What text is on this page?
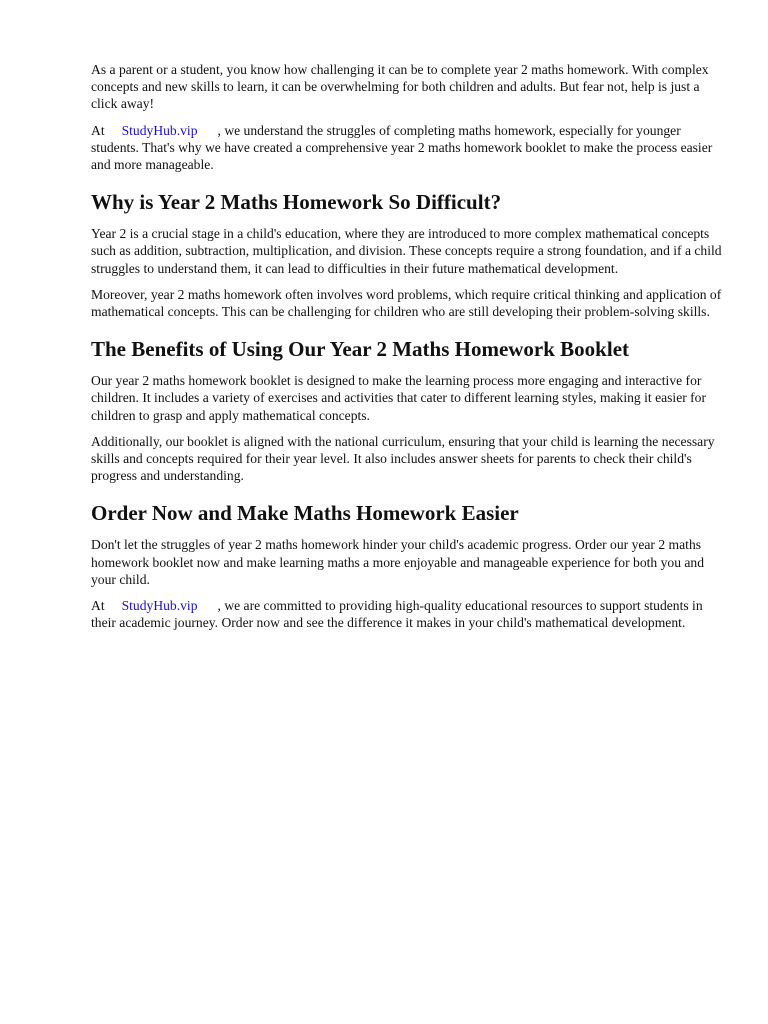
As a parent or a student, you know how challenging it can be to complete year 2 maths homework. With complex concepts and new skills to learn, it can be overwhelming for both children and adults. But fear not, help is just a click away!

At StudyHub.vip , we understand the struggles of completing maths homework, especially for younger students. That's why we have created a comprehensive year 2 maths homework booklet to make the process easier and more manageable.

Why is Year 2 Maths Homework So Difficult?

Year 2 is a crucial stage in a child's education, where they are introduced to more complex mathematical concepts such as addition, subtraction, multiplication, and division. These concepts require a strong foundation, and if a child struggles to understand them, it can lead to difficulties in their future mathematical development.

Moreover, year 2 maths homework often involves word problems, which require critical thinking and application of mathematical concepts. This can be challenging for children who are still developing their problem-solving skills.

The Benefits of Using Our Year 2 Maths Homework Booklet

Our year 2 maths homework booklet is designed to make the learning process more engaging and interactive for children. It includes a variety of exercises and activities that cater to different learning styles, making it easier for children to grasp and apply mathematical concepts.

Additionally, our booklet is aligned with the national curriculum, ensuring that your child is learning the necessary skills and concepts required for their year level. It also includes answer sheets for parents to check their child's progress and understanding.

Order Now and Make Maths Homework Easier

Don't let the struggles of year 2 maths homework hinder your child's academic progress. Order our year 2 maths homework booklet now and make learning maths a more enjoyable and manageable experience for both you and your child.

At StudyHub.vip , we are committed to providing high-quality educational resources to support students in their academic journey. Order now and see the difference it makes in your child's mathematical development.
